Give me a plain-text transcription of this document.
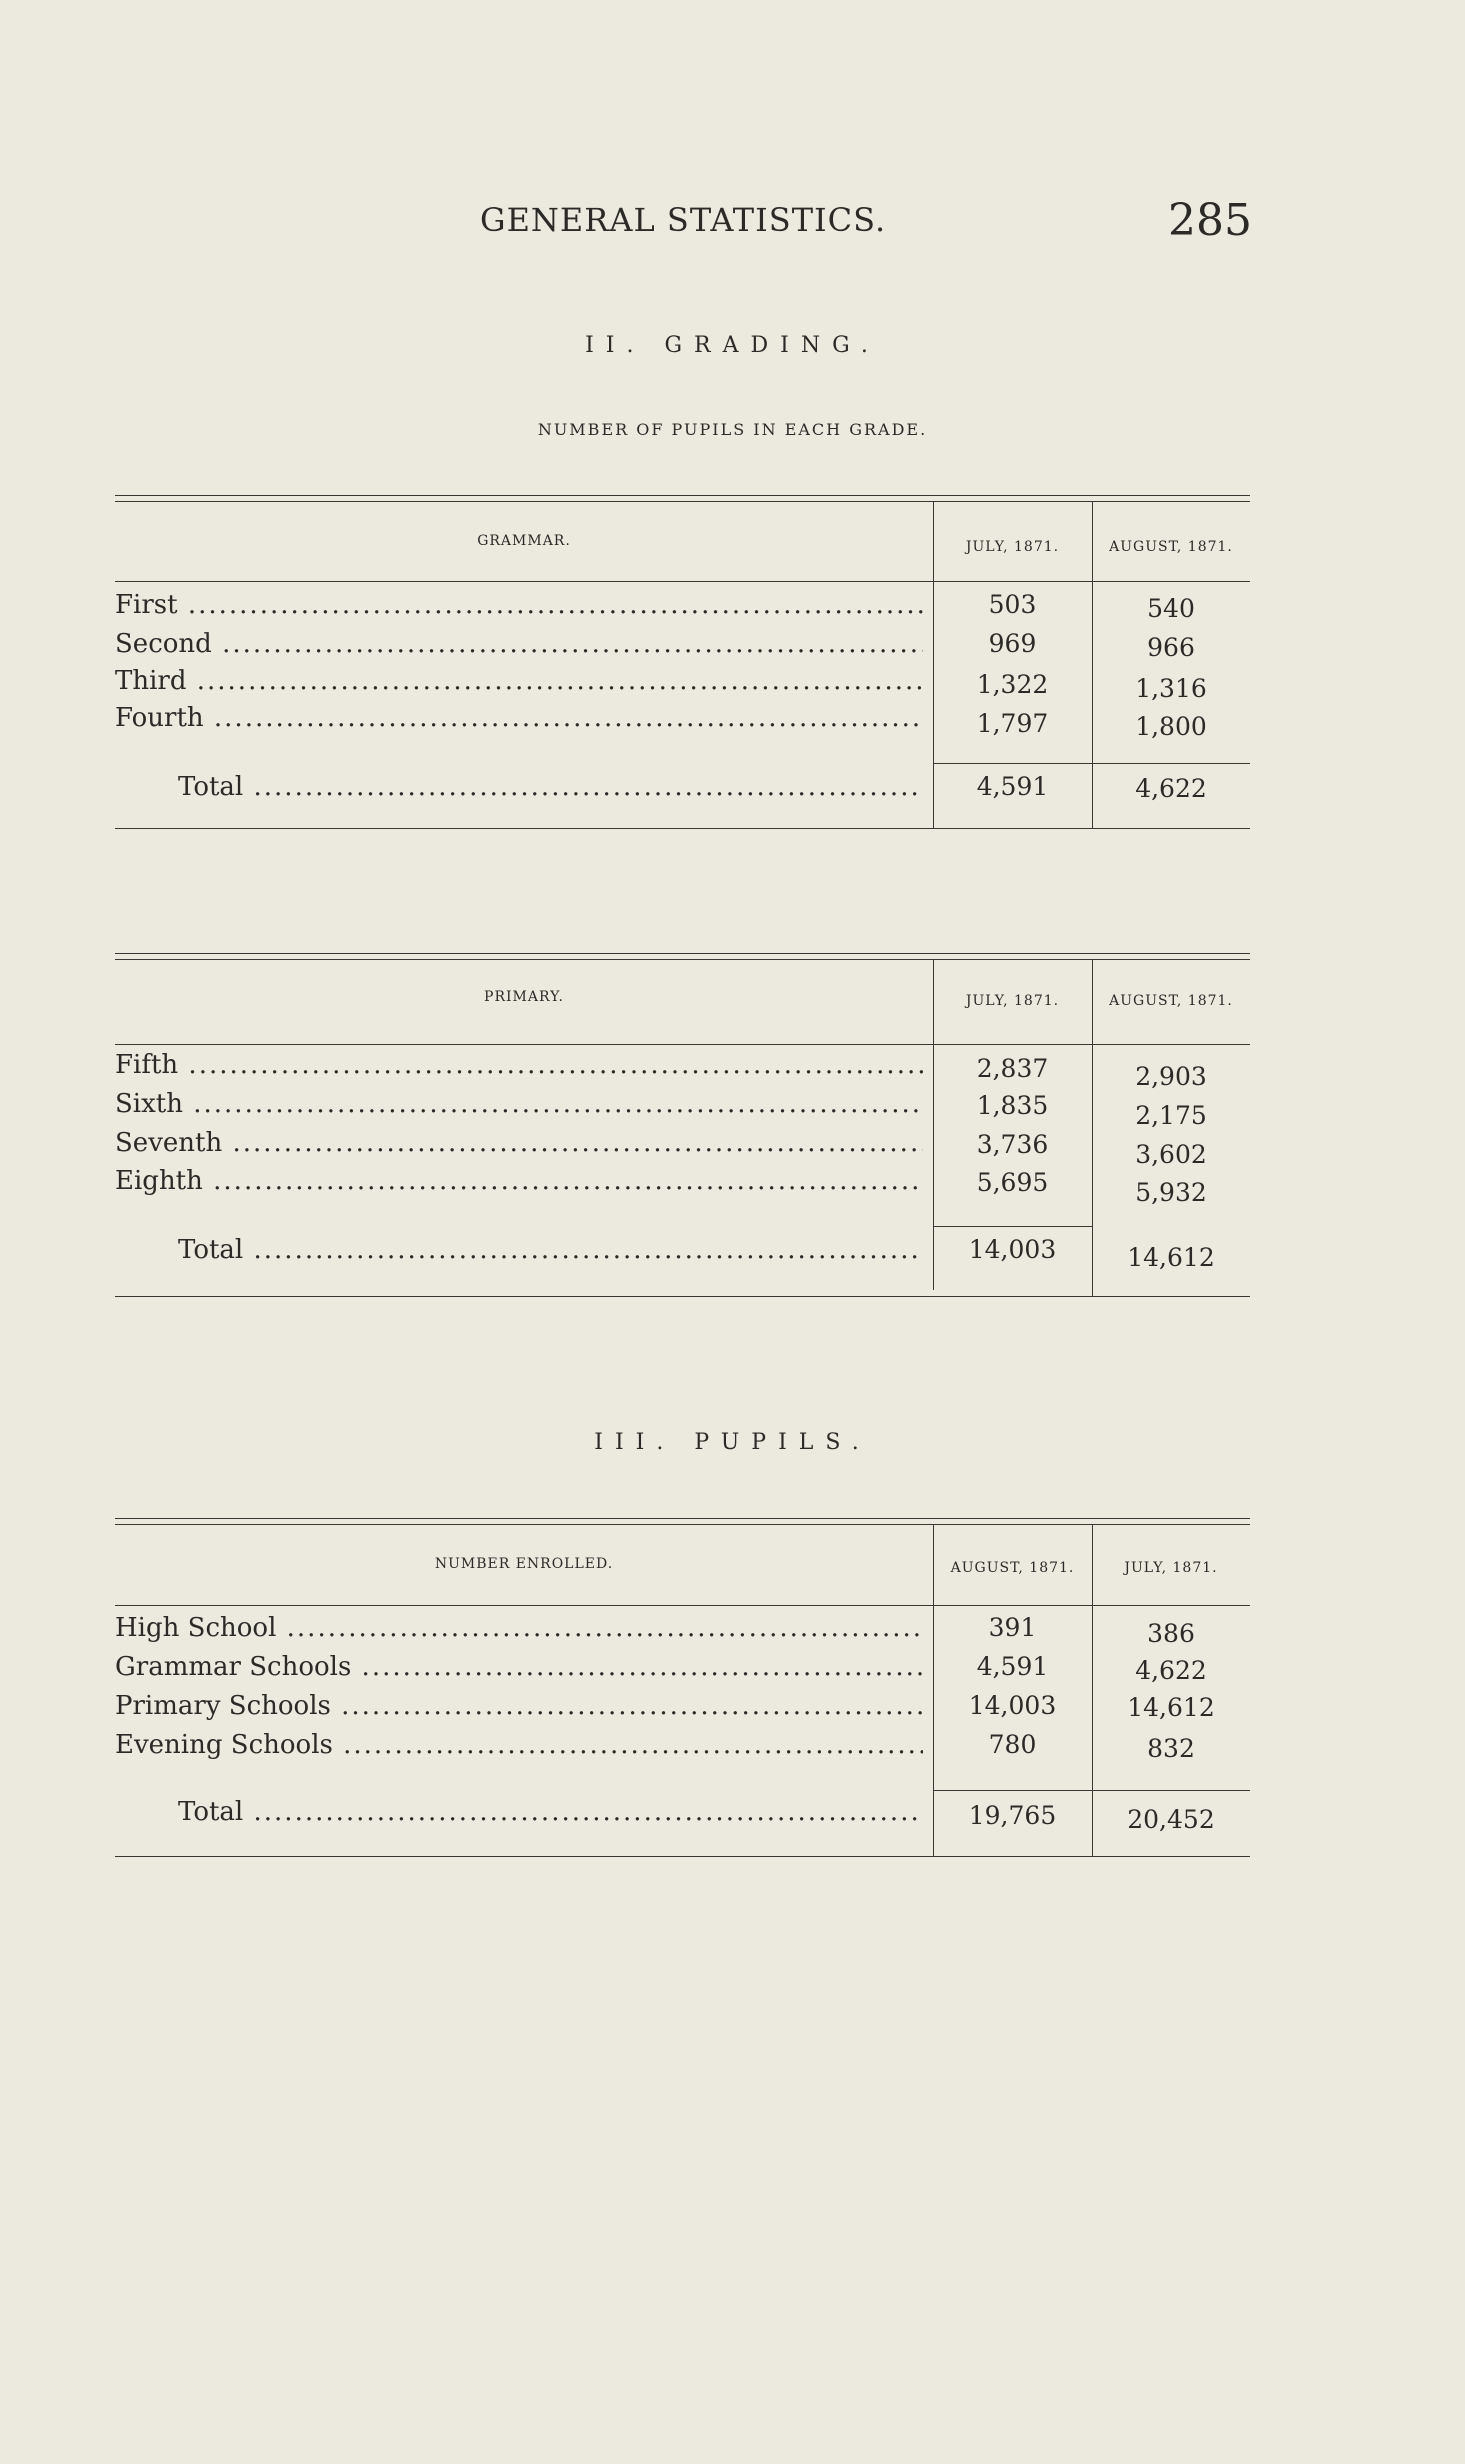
GENERAL STATISTICS.	285
II. GRADING.
NUMBER OF PUPILS IN EACH GRADE.
GRAMMAR.	JULY, 1871.	AUGUST, 1871.
First .....	503	540
Second .....	969	966
Third .....	1,322	1,316
Fourth .....	1,797	1,800
Total .....	4,591	4,622
PRIMARY.	JULY, 1871.	AUGUST, 1871.
Fifth .....	2,837	2,903
Sixth .....	1,835	2,175
Seventh .....	3,736	3,602
Eighth .....	5,695	5,932
Total .....	14,003	14,612
III. PUPILS.
NUMBER ENROLLED.	AUGUST, 1871.	JULY, 1871.
High School .....	391	386
Grammar Schools .....	4,591	4,622
Primary Schools .....	14,003	14,612
Evening Schools .....	780	832
Total .....	19,765	20,452
